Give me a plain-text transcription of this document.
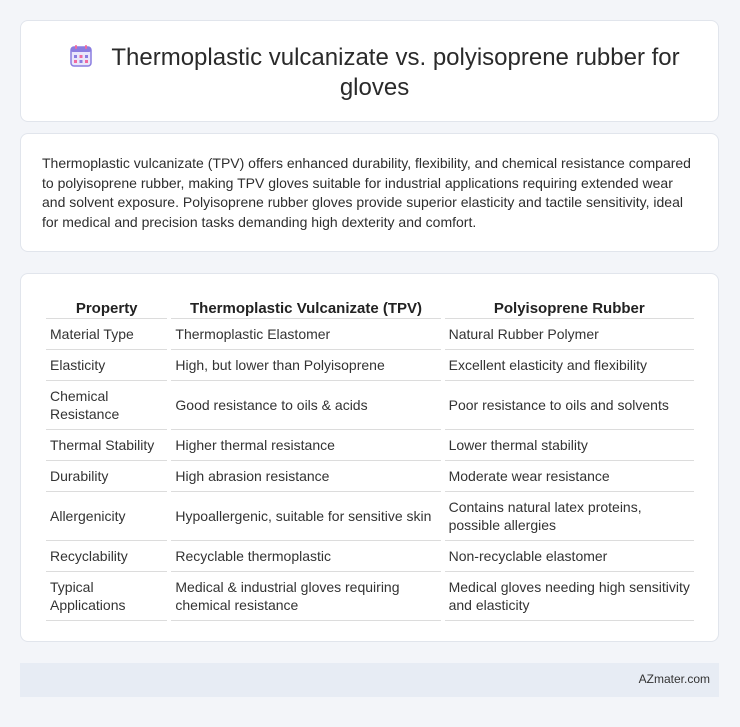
Thermoplastic vulcanizate vs. polyisoprene rubber for gloves

Thermoplastic vulcanizate (TPV) offers enhanced durability, flexibility, and chemical resistance compared to polyisoprene rubber, making TPV gloves suitable for industrial applications requiring extended wear and solvent exposure. Polyisoprene rubber gloves provide superior elasticity and tactile sensitivity, ideal for medical and precision tasks demanding high dexterity and comfort.

Property	Thermoplastic Vulcanizate (TPV)	Polyisoprene Rubber
Material Type	Thermoplastic Elastomer	Natural Rubber Polymer
Elasticity	High, but lower than Polyisoprene	Excellent elasticity and flexibility
Chemical Resistance	Good resistance to oils & acids	Poor resistance to oils and solvents
Thermal Stability	Higher thermal resistance	Lower thermal stability
Durability	High abrasion resistance	Moderate wear resistance
Allergenicity	Hypoallergenic, suitable for sensitive skin	Contains natural latex proteins, possible allergies
Recyclability	Recyclable thermoplastic	Non-recyclable elastomer
Typical Applications	Medical & industrial gloves requiring chemical resistance	Medical gloves needing high sensitivity and elasticity
AZmater.com
